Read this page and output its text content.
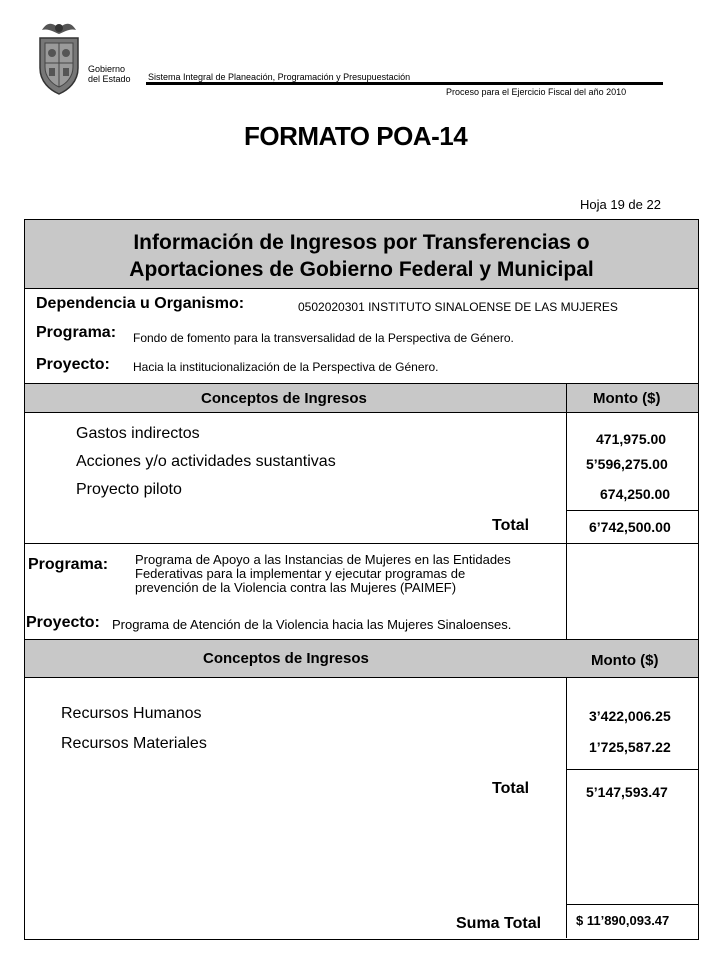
Gobierno
del Estado Sistema Integral de Planeación, Programación y Presupuestación
Proceso para el Ejercicio Fiscal del año 2010
FORMATO POA-14
Hoja 19 de 22
Información de Ingresos por Transferencias o
Aportaciones de Gobierno Federal y Municipal
Dependencia u Organismo:	0502020301 INSTITUTO SINALOENSE DE LAS MUJERES
Programa: Fondo de fomento para la transversalidad de la Perspectiva de Género.
Proyecto: Hacia la institucionalización de la Perspectiva de Género.
Conceptos de Ingresos	Monto ($)
Gastos indirectos	471,975.00
Acciones y/o actividades sustantivas	5’596,275.00
Proyecto piloto	674,250.00
Total	6’742,500.00
Programa: Programa de Apoyo a las Instancias de Mujeres en las Entidades
Federativas para la implementar y ejecutar programas de
prevención de la Violencia contra las Mujeres (PAIMEF)
Proyecto: Programa de Atención de la Violencia hacia las Mujeres Sinaloenses.
Conceptos de Ingresos	Monto ($)
Recursos Humanos	3’422,006.25
Recursos Materiales	1’725,587.22
Total	5’147,593.47
Suma Total	$ 11’890,093.47
